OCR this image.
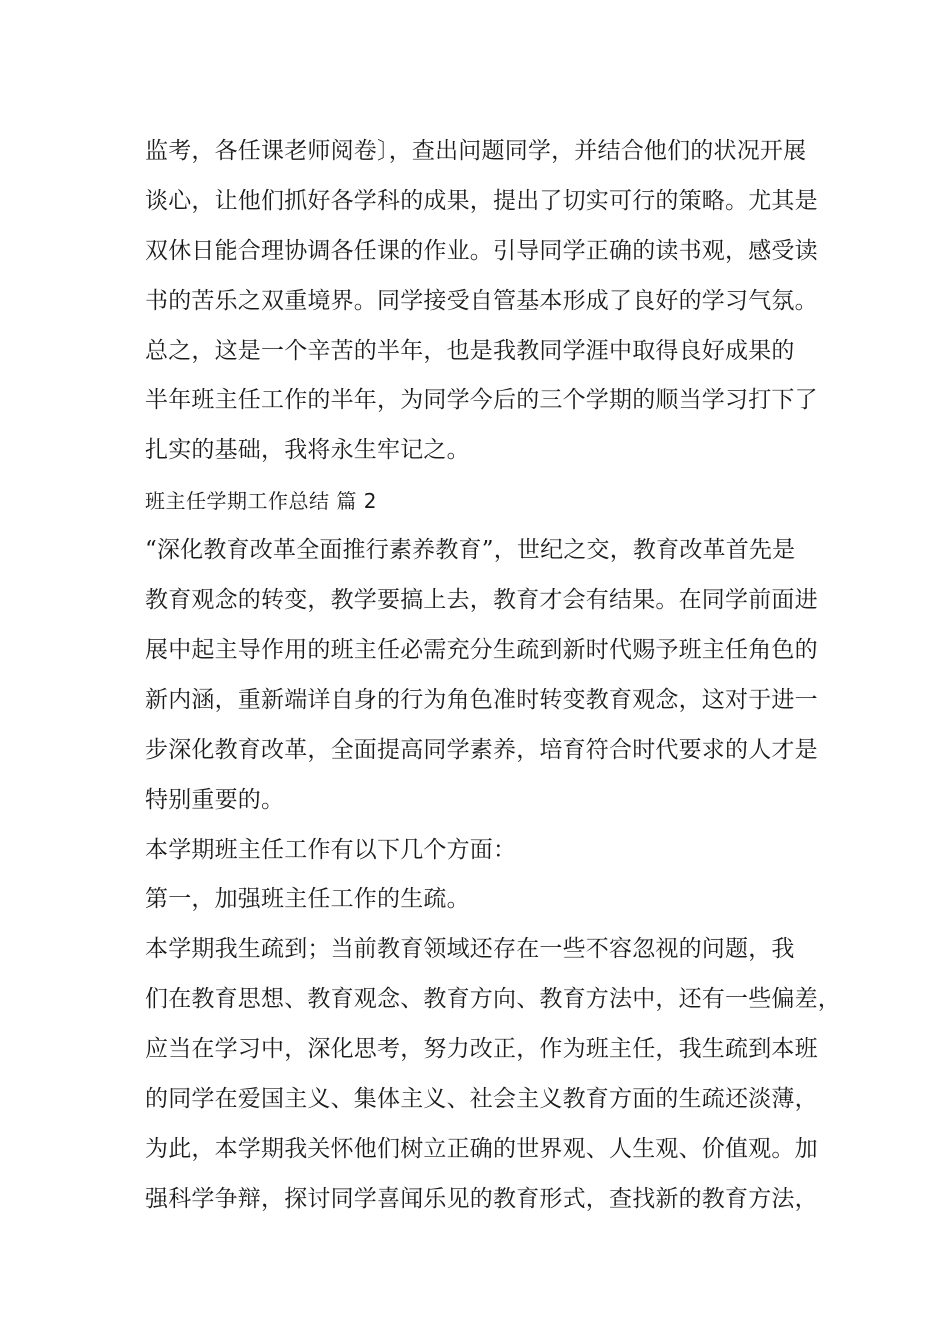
监考，各任课老师阅卷〕，查出问题同学，并结合他们的状况开展
谈心，让他们抓好各学科的成果，提出了切实可行的策略。尤其是
双休日能合理协调各任课的作业。引导同学正确的读书观，感受读
书的苦乐之双重境界。同学接受自管基本形成了良好的学习气氛。
总之，这是一个辛苦的半年，也是我教同学涯中取得良好成果的
半年班主任工作的半年，为同学今后的三个学期的顺当学习打下了
扎实的基础，我将永生牢记之。
班主任学期工作总结 篇 2
“深化教育改革全面推行素养教育”，世纪之交，教育改革首先是
教育观念的转变，教学要搞上去，教育才会有结果。在同学前面进
展中起主导作用的班主任必需充分生疏到新时代赐予班主任角色的
新内涵，重新端详自身的行为角色准时转变教育观念，这对于进一
步深化教育改革，全面提高同学素养，培育符合时代要求的人才是
特别重要的。
本学期班主任工作有以下几个方面：
第一，加强班主任工作的生疏。
本学期我生疏到；当前教育领域还存在一些不容忽视的问题，我
们在教育思想、教育观念、教育方向、教育方法中，还有一些偏差，
应当在学习中，深化思考，努力改正，作为班主任，我生疏到本班
的同学在爱国主义、集体主义、社会主义教育方面的生疏还淡薄，
为此，本学期我关怀他们树立正确的世界观、人生观、价值观。加
强科学争辩，探讨同学喜闻乐见的教育形式，查找新的教育方法，
